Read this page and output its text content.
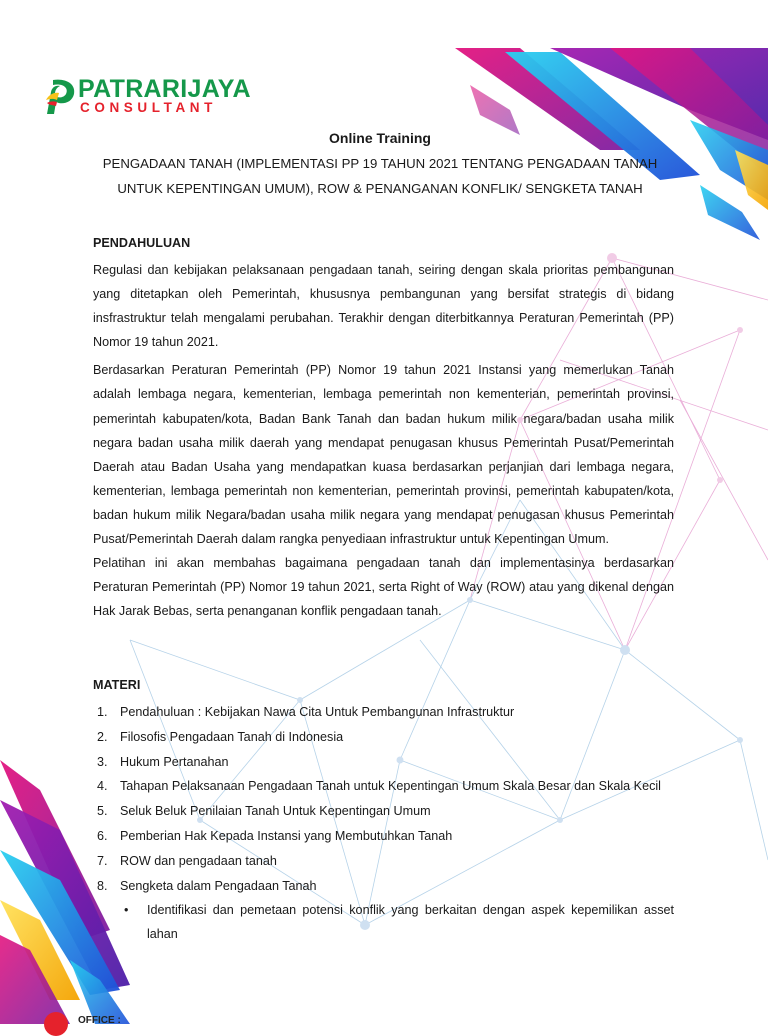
PATRARIJAYA
CONSULTANT
Online Training
PENGADAAN TANAH (IMPLEMENTASI PP 19 TAHUN 2021 TENTANG PENGADAAN TANAH
UNTUK KEPENTINGAN UMUM), ROW & PENANGANAN KONFLIK/ SENGKETA TANAH
PENDAHULUAN

Regulasi dan kebijakan pelaksanaan pengadaan tanah, seiring dengan skala prioritas pembangunan yang ditetapkan oleh Pemerintah, khususnya pembangunan yang bersifat strategis di bidang insfrastruktur telah mengalami perubahan. Terakhir dengan diterbitkannya Peraturan Pemerintah (PP) Nomor 19 tahun 2021.

Berdasarkan Peraturan Pemerintah (PP) Nomor 19 tahun 2021 Instansi yang memerlukan Tanah adalah lembaga negara, kementerian, lembaga pemerintah non kementerian, pemerintah provinsi, pemerintah kabupaten/kota, Badan Bank Tanah dan badan hukum milik negara/badan usaha milik negara badan usaha milik daerah yang mendapat penugasan khusus Pemerintah Pusat/Pemerintah Daerah atau Badan Usaha yang mendapatkan kuasa berdasarkan perjanjian dari lembaga negara, kementerian, lembaga pemerintah non kementerian, pemerintah provinsi, pemerintah kabupaten/kota, badan hukum milik Negara/badan usaha milik negara yang mendapat penugasan khusus Pemerintah Pusat/Pemerintah Daerah dalam rangka penyediaan infrastruktur untuk Kepentingan Umum.

Pelatihan ini akan membahas bagaimana pengadaan tanah dan implementasinya berdasarkan Peraturan Pemerintah (PP) Nomor 19 tahun 2021, serta Right of Way (ROW) atau yang dikenal dengan Hak Jarak Bebas, serta penanganan konflik pengadaan tanah.

MATERI
1. Pendahuluan : Kebijakan Nawa Cita Untuk Pembangunan Infrastruktur
2. Filosofis Pengadaan Tanah di Indonesia
3. Hukum Pertanahan
4. Tahapan Pelaksanaan Pengadaan Tanah untuk Kepentingan Umum Skala Besar dan Skala Kecil
5. Seluk Beluk Penilaian Tanah Untuk Kepentingan Umum
6. Pemberian Hak Kepada Instansi yang Membutuhkan Tanah
7. ROW dan pengadaan tanah
8. Sengketa dalam Pengadaan Tanah
• Identifikasi dan pemetaan potensi konflik yang berkaitan dengan aspek kepemilikan asset lahan
OFFICE :
